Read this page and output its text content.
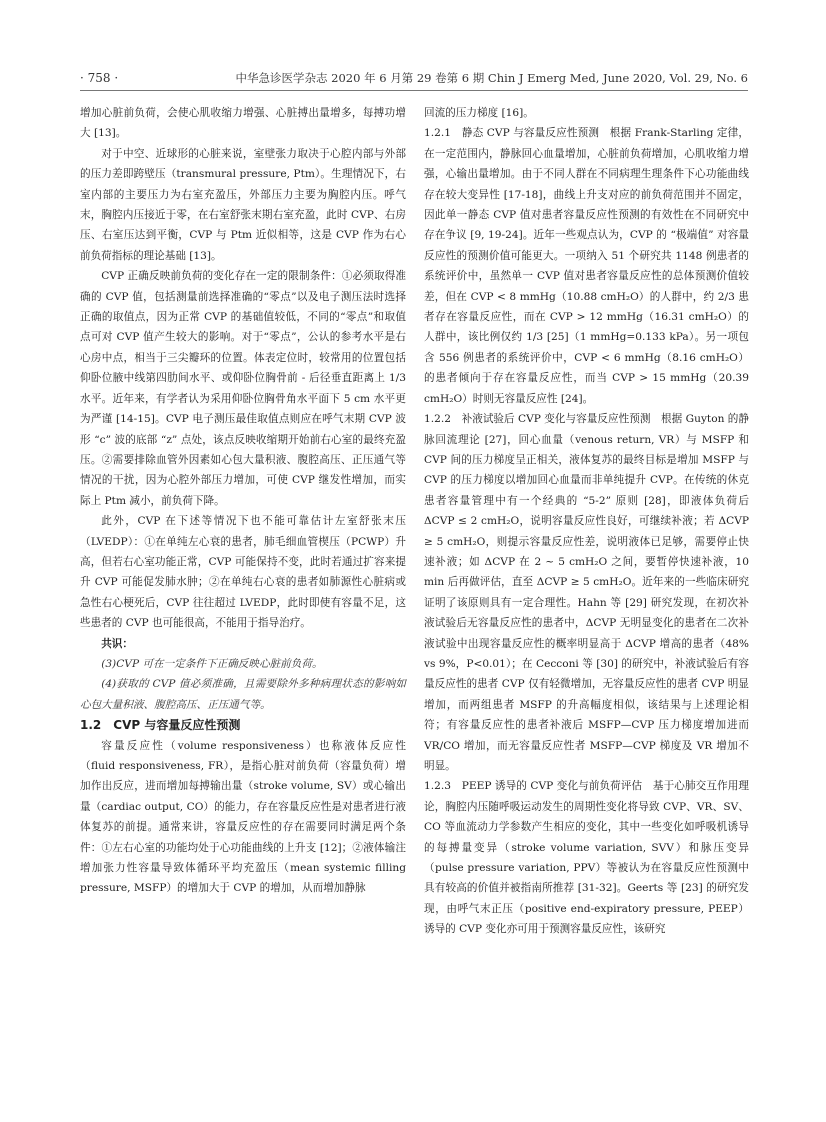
· 758 ·	中华急诊医学杂志 2020 年 6 月第 29 卷第 6 期 Chin J Emerg Med, June 2020, Vol. 29, No. 6

增加心脏前负荷，会使心肌收缩力增强、心脏搏出量增多，每搏功增大 [13]。

对于中空、近球形的心脏来说，室壁张力取决于心腔内部与外部的压力差即跨壁压（transmural pressure, Ptm）。生理情况下，右室内部的主要压力为右室充盈压，外部压力主要为胸腔内压。呼气末，胸腔内压接近于零，在右室舒张末期右室充盈，此时 CVP、右房压、右室压达到平衡，CVP 与 Ptm 近似相等，这是 CVP 作为右心前负荷指标的理论基础 [13]。

CVP 正确反映前负荷的变化存在一定的限制条件：①必须取得准确的 CVP 值，包括测量前选择准确的“零点”以及电子测压法时选择正确的取值点，因为正常 CVP 的基础值较低，不同的“零点”和取值点可对 CVP 值产生较大的影响。对于“零点”，公认的参考水平是右心房中点，相当于三尖瓣环的位置。体表定位时，较常用的位置包括仰卧位腋中线第四肋间水平、或仰卧位胸骨前 - 后径垂直距离上 1/3 水平。近年来，有学者认为采用仰卧位胸骨角水平面下 5 cm 水平更为严谨 [14-15]。CVP 电子测压最佳取值点则应在呼气末期 CVP 波形 “c” 波的底部 “z” 点处，该点反映收缩期开始前右心室的最终充盈压。②需要排除血管外因素如心包大量积液、腹腔高压、正压通气等情况的干扰，因为心腔外部压力增加，可使 CVP 继发性增加，而实际上 Ptm 减小，前负荷下降。

此外，CVP 在下述等情况下也不能可靠估计左室舒张末压（LVEDP）：①在单纯左心衰的患者，肺毛细血管楔压（PCWP）升高，但若右心室功能正常，CVP 可能保持不变，此时若通过扩容来提升 CVP 可能促发肺水肿；②在单纯右心衰的患者如肺源性心脏病或急性右心梗死后，CVP 往往超过 LVEDP，此时即使有容量不足，这些患者的 CVP 也可能很高，不能用于指导治疗。

共识：

(3)CVP 可在一定条件下正确反映心脏前负荷。

(4)获取的 CVP 值必须准确，且需要除外多种病理状态的影响如心包大量积液、腹腔高压、正压通气等。

1.2　CVP 与容量反应性预测

容量反应性（volume responsiveness）也称液体反应性（fluid responsiveness, FR），是指心脏对前负荷（容量负荷）增加作出反应，进而增加每搏输出量（stroke volume, SV）或心输出量（cardiac output, CO）的能力，存在容量反应性是对患者进行液体复苏的前提。通常来讲，容量反应性的存在需要同时满足两个条件：①左右心室的功能均处于心功能曲线的上升支 [12]；②液体输注增加张力性容量导致体循环平均充盈压（mean systemic filling pressure, MSFP）的增加大于 CVP 的增加，从而增加静脉

回流的压力梯度 [16]。

1.2.1　静态 CVP 与容量反应性预测　根据 Frank-Starling 定律，在一定范围内，静脉回心血量增加，心脏前负荷增加，心肌收缩力增强，心输出量增加。由于不同人群在不同病理生理条件下心功能曲线存在较大变异性 [17-18]，曲线上升支对应的前负荷范围并不固定，因此单一静态 CVP 值对患者容量反应性预测的有效性在不同研究中存在争议 [9, 19-24]。近年一些观点认为，CVP 的 “极端值” 对容量反应性的预测价值可能更大。一项纳入 51 个研究共 1148 例患者的系统评价中，虽然单一 CVP 值对患者容量反应性的总体预测价值较差，但在 CVP < 8 mmHg（10.88 cmH₂O）的人群中，约 2/3 患者存在容量反应性，而在 CVP > 12 mmHg（16.31 cmH₂O）的人群中，该比例仅约 1/3 [25]（1 mmHg=0.133 kPa）。另一项包含 556 例患者的系统评价中，CVP < 6 mmHg（8.16 cmH₂O）的患者倾向于存在容量反应性，而当 CVP > 15 mmHg（20.39 cmH₂O）时则无容量反应性 [24]。

1.2.2　补液试验后 CVP 变化与容量反应性预测　根据 Guyton 的静脉回流理论 [27]，回心血量（venous return, VR）与 MSFP 和 CVP 间的压力梯度呈正相关，液体复苏的最终目标是增加 MSFP 与 CVP 的压力梯度以增加回心血量而非单纯提升 CVP。在传统的休克患者容量管理中有一个经典的 “5-2” 原则 [28]，即液体负荷后 ΔCVP ≤ 2 cmH₂O，说明容量反应性良好，可继续补液；若 ΔCVP ≥ 5 cmH₂O，则提示容量反应性差，说明液体已足够，需要停止快速补液；如 ΔCVP 在 2 ~ 5 cmH₂O 之间，要暂停快速补液，10 min 后再做评估，直至 ΔCVP ≥ 5 cmH₂O。近年来的一些临床研究证明了该原则具有一定合理性。Hahn 等 [29] 研究发现，在初次补液试验后无容量反应性的患者中，ΔCVP 无明显变化的患者在二次补液试验中出现容量反应性的概率明显高于 ΔCVP 增高的患者（48% vs 9%，P<0.01）；在 Cecconi 等 [30] 的研究中，补液试验后有容量反应性的患者 CVP 仅有轻微增加，无容量反应性的患者 CVP 明显增加，而两组患者 MSFP 的升高幅度相似，该结果与上述理论相符；有容量反应性的患者补液后 MSFP—CVP 压力梯度增加进而 VR/CO 增加，而无容量反应性者 MSFP—CVP 梯度及 VR 增加不明显。

1.2.3　PEEP 诱导的 CVP 变化与前负荷评估　基于心肺交互作用理论，胸腔内压随呼吸运动发生的周期性变化将导致 CVP、VR、SV、CO 等血流动力学参数产生相应的变化，其中一些变化如呼吸机诱导的每搏量变异（stroke volume variation, SVV）和脉压变异（pulse pressure variation, PPV）等被认为在容量反应性预测中具有较高的价值并被指南所推荐 [31-32]。Geerts 等 [23] 的研究发现，由呼气末正压（positive end-expiratory pressure, PEEP）诱导的 CVP 变化亦可用于预测容量反应性，该研究
